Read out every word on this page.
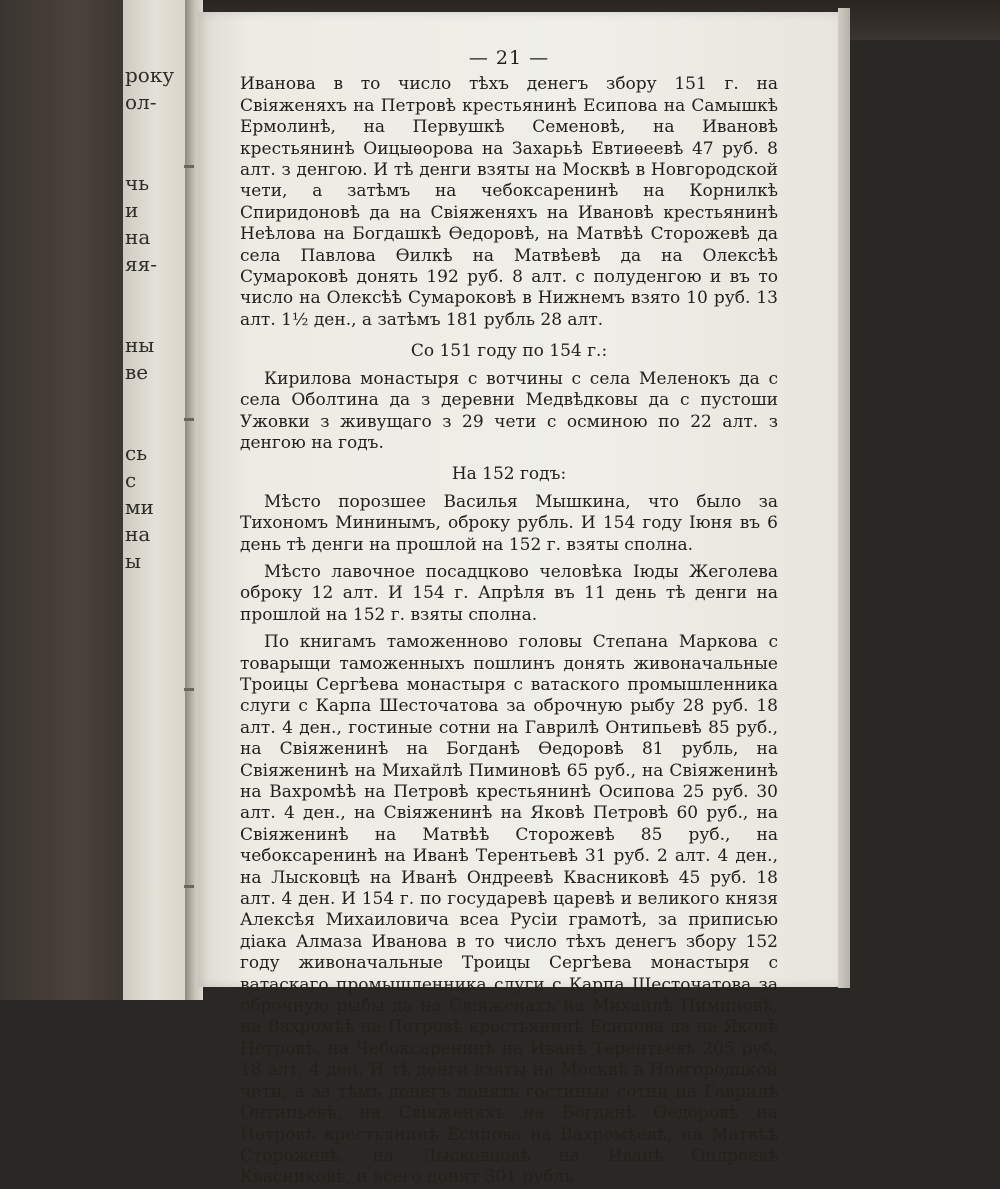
року
ол-

чь
и
на
яя-

ны
ве

сь
с
ми
на
ы

— 21 —

Иванова в то число тѣхъ денегъ збору 151 г. на Свіяженяхъ на Петровѣ крестьянинѣ Есипова на Самышкѣ Ермолинѣ, на Первушкѣ Семеновѣ, на Ивановѣ крестьянинѣ Оицыѳорова на Захарьѣ Евтиѳеевѣ 47 руб. 8 алт. з денгою. И тѣ денги взяты на Москвѣ в Новгородской чети, а затѣмъ на чебоксаренинѣ на Корнилкѣ Спиридоновѣ да на Свіяженяхъ на Ивановѣ крестьянинѣ Неѣлова на Богдашкѣ Ѳедоровѣ, на Матвѣѣ Сторожевѣ да села Павлова Ѳилкѣ на Матвѣевѣ да на Олексѣѣ Сумароковѣ донять 192 руб. 8 алт. с полуденгою и въ то число на Олексѣѣ Сумароковѣ в Нижнемъ взято 10 руб. 13 алт. 1½ ден., а затѣмъ 181 рубль 28 алт.

Со 151 году по 154 г.:

Кирилова монастыря с вотчины с села Меленокъ да с села Оболтина да з деревни Медвѣдковы да с пустоши Ужовки з живущаго з 29 чети с осминою по 22 алт. з денгою на годъ.

На 152 годъ:

Мѣсто порозшее Василья Мышкина, что было за Тихономъ Мининымъ, оброку рубль. И 154 году Іюня въ 6 день тѣ денги на прошлой на 152 г. взяты сполна.

Мѣсто лавочное посадцково человѣка Іюды Жеголева оброку 12 алт. И 154 г. Апрѣля въ 11 день тѣ денги на прошлой на 152 г. взяты сполна.

По книгамъ таможенново головы Степана Маркова с товарыщи таможенныхъ пошлинъ донять живоначальные Троицы Сергѣева монастыря с ватаского промышленника слуги с Карпа Шесточатова за оброчную рыбу 28 руб. 18 алт. 4 ден., гостиные сотни на Гаврилѣ Онтипьевѣ 85 руб., на Свіяженинѣ на Богданѣ Ѳедоровѣ 81 рубль, на Свіяженинѣ на Михайлѣ Пиминовѣ 65 руб., на Свіяженинѣ на Вахромѣѣ на Петровѣ крестьянинѣ Осипова 25 руб. 30 алт. 4 ден., на Свіяженинѣ на Яковѣ Петровѣ 60 руб., на Свіяженинѣ на Матвѣѣ Сторожевѣ 85 руб., на чебоксаренинѣ на Иванѣ Терентьевѣ 31 руб. 2 алт. 4 ден., на Лысковцѣ на Иванѣ Ондреевѣ Квасниковѣ 45 руб. 18 алт. 4 ден. И 154 г. по государевѣ царевѣ и великого князя Алексѣя Михаиловича всеа Русіи грамотѣ, за приписью діака Алмаза Иванова в то число тѣхъ денегъ збору 152 году живоначальные Троицы Сергѣева монастыря с ватаскаго промышленника слуги с Карпа Шесточатова за оброчную рыбы да на Свіяженахъ на Михайлѣ Пиминовѣ, на Вахромѣѣ на Петровѣ крестьянинѣ Есипова да на Яковѣ Петровѣ, на Чебоксаренинѣ на Иванѣ Терентьевѣ 205 руб. 18 алт. 4 ден. И тѣ денги взяты на Москвѣ в Новгородцкой чети, а за тѣмъ денегъ донять гостиные сотни на Гаврилѣ Онтипьевѣ, на Свіяженяхъ на Богданѣ Ѳедоровѣ на Петровѣ крестьянинѣ Есипова на Вахромѣевѣ, на Матвѣѣ Сторожевѣ, на Лысковцовѣ на Иванѣ Ондреевѣ Квасниковѣ, и всего донят 301 рубль.
